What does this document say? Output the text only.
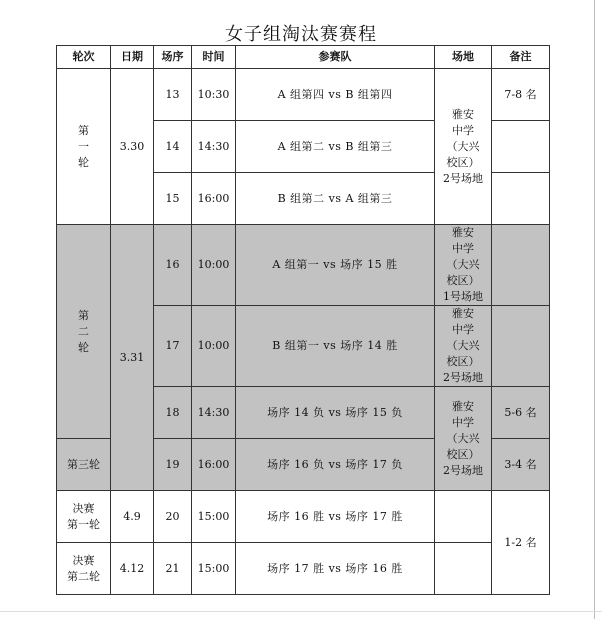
女子组淘汰赛赛程
轮次	日期	场序	时间	参赛队	场地	备注
第
一
轮	3.30	13	10:30	A 组第四 vs B 组第四	雅安
中学
（大兴
校区）
2号场地	7-8 名
		14	14:30	A 组第二 vs B 组第三		
		15	16:00	B 组第二 vs A 组第三		
第
二
轮	3.31	16	10:00	A 组第一 vs 场序 15 胜	雅安
中学
（大兴
校区）
1号场地	
		17	10:00	B 组第一 vs 场序 14 胜	雅安
中学
（大兴
校区）
2号场地	
		18	14:30	场序 14 负 vs 场序 15 负	雅安
中学
（大兴
校区）
2号场地	5-6 名
第三轮		19	16:00	场序 16 负 vs 场序 17 负		3-4 名
决赛
第一轮	4.9	20	15:00	场序 16 胜 vs 场序 17 胜		1-2 名
决赛
第二轮	4.12	21	15:00	场序 17 胜 vs 场序 16 胜		
